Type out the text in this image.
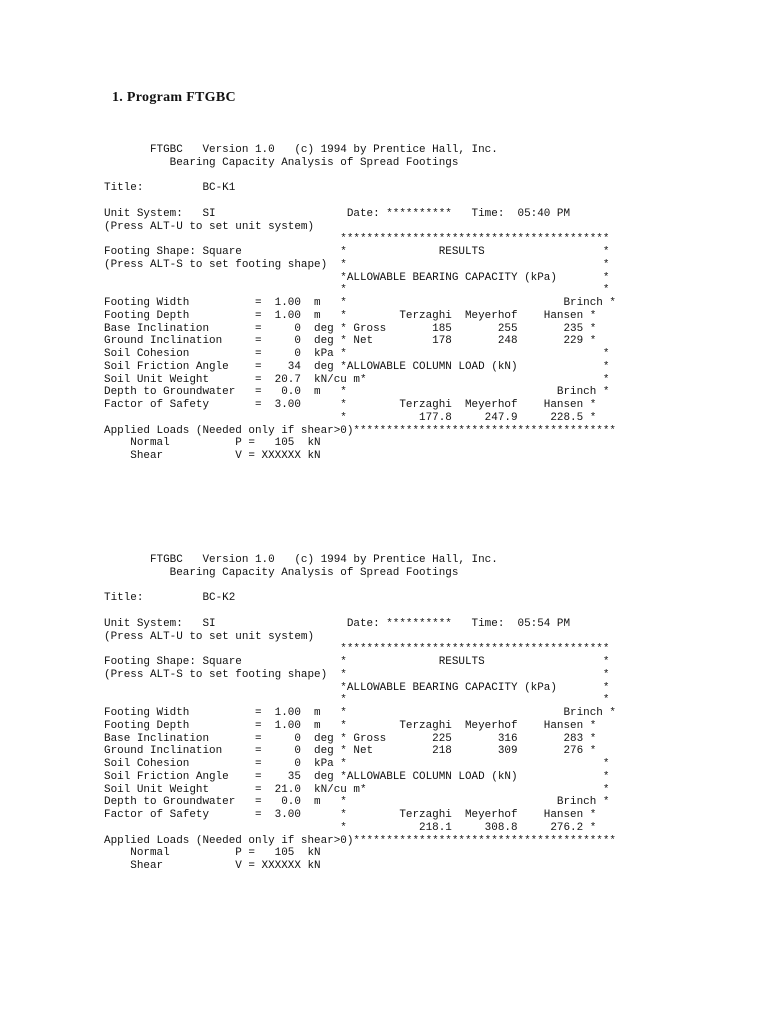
1. Program FTGBC
FTGBC   Version 1.0   (c) 1994 by Prentice Hall, Inc.
Bearing Capacity Analysis of Spread Footings
Title:         BC-K1
Unit System:   SI                    Date: **********   Time:  05:40 PM
(Press ALT-U to set unit system)
*****************************************
Footing Shape: Square               *              RESULTS                  *
(Press ALT-S to set footing shape)  *                                       *
*ALLOWABLE BEARING CAPACITY (kPa)       *
*                                       *
Footing Width          =  1.00  m   *                                 Brinch *
Footing Depth          =  1.00  m   *        Terzaghi  Meyerhof    Hansen *
Base Inclination       =     0  deg * Gross       185       255       235 *
Ground Inclination     =     0  deg * Net         178       248       229 *
Soil Cohesion          =     0  kPa *                                       *
Soil Friction Angle    =    34  deg *ALLOWABLE COLUMN LOAD (kN)             *
Soil Unit Weight       =  20.7  kN/cu m*                                    *
Depth to Groundwater   =   0.0  m   *                                Brinch *
Factor of Safety       =  3.00      *        Terzaghi  Meyerhof    Hansen *
*           177.8     247.9     228.5 *
Applied Loads (Needed only if shear>0)****************************************
Normal          P =   105  kN
Shear           V = XXXXXX kN
FTGBC   Version 1.0   (c) 1994 by Prentice Hall, Inc.
Bearing Capacity Analysis of Spread Footings
Title:         BC-K2
Unit System:   SI                    Date: **********   Time:  05:54 PM
(Press ALT-U to set unit system)
*****************************************
Footing Shape: Square               *              RESULTS                  *
(Press ALT-S to set footing shape)  *                                       *
*ALLOWABLE BEARING CAPACITY (kPa)       *
*                                       *
Footing Width          =  1.00  m   *                                 Brinch *
Footing Depth          =  1.00  m   *        Terzaghi  Meyerhof    Hansen *
Base Inclination       =     0  deg * Gross       225       316       283 *
Ground Inclination     =     0  deg * Net         218       309       276 *
Soil Cohesion          =     0  kPa *                                       *
Soil Friction Angle    =    35  deg *ALLOWABLE COLUMN LOAD (kN)             *
Soil Unit Weight       =  21.0  kN/cu m*                                    *
Depth to Groundwater   =   0.0  m   *                                Brinch *
Factor of Safety       =  3.00      *        Terzaghi  Meyerhof    Hansen *
*           218.1     308.8     276.2 *
Applied Loads (Needed only if shear>0)****************************************
Normal          P =   105  kN
Shear           V = XXXXXX kN
